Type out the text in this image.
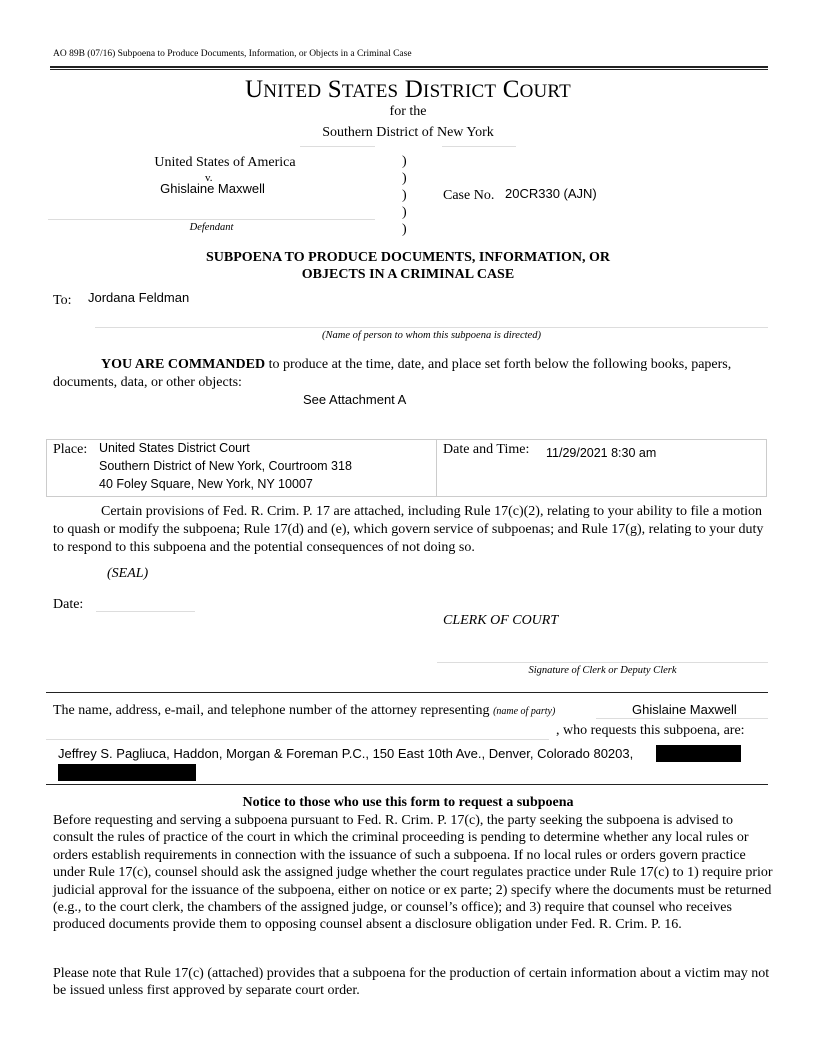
AO 89B (07/16) Subpoena to Produce Documents, Information, or Objects in a Criminal Case
UNITED STATES DISTRICT COURT
for the
Southern District of New York
United States of America
v.
Ghislaine Maxwell
Defendant
)
)
)
)
)
Case No. 20CR330 (AJN)
SUBPOENA TO PRODUCE DOCUMENTS, INFORMATION, OR
OBJECTS IN A CRIMINAL CASE
To: Jordana Feldman
(Name of person to whom this subpoena is directed)
YOU ARE COMMANDED to produce at the time, date, and place set forth below the following books, papers, documents, data, or other objects:
See Attachment A
Place: United States District Court
Southern District of New York, Courtroom 318
40 Foley Square, New York, NY 10007
Date and Time: 11/29/2021 8:30 am
Certain provisions of Fed. R. Crim. P. 17 are attached, including Rule 17(c)(2), relating to your ability to file a motion to quash or modify the subpoena; Rule 17(d) and (e), which govern service of subpoenas; and Rule 17(g), relating to your duty to respond to this subpoena and the potential consequences of not doing so.
(SEAL)
Date:
CLERK OF COURT
Signature of Clerk or Deputy Clerk
The name, address, e-mail, and telephone number of the attorney representing (name of party)	Ghislaine Maxwell
, who requests this subpoena, are:
Jeffrey S. Pagliuca, Haddon, Morgan & Foreman P.C., 150 East 10th Ave., Denver, Colorado 80203,
Notice to those who use this form to request a subpoena
Before requesting and serving a subpoena pursuant to Fed. R. Crim. P. 17(c), the party seeking the subpoena is advised to consult the rules of practice of the court in which the criminal proceeding is pending to determine whether any local rules or orders establish requirements in connection with the issuance of such a subpoena. If no local rules or orders govern practice under Rule 17(c), counsel should ask the assigned judge whether the court regulates practice under Rule 17(c) to 1) require prior judicial approval for the issuance of the subpoena, either on notice or ex parte; 2) specify where the documents must be returned (e.g., to the court clerk, the chambers of the assigned judge, or counsel’s office); and 3) require that counsel who receives produced documents provide them to opposing counsel absent a disclosure obligation under Fed. R. Crim. P. 16.
Please note that Rule 17(c) (attached) provides that a subpoena for the production of certain information about a victim may not be issued unless first approved by separate court order.
